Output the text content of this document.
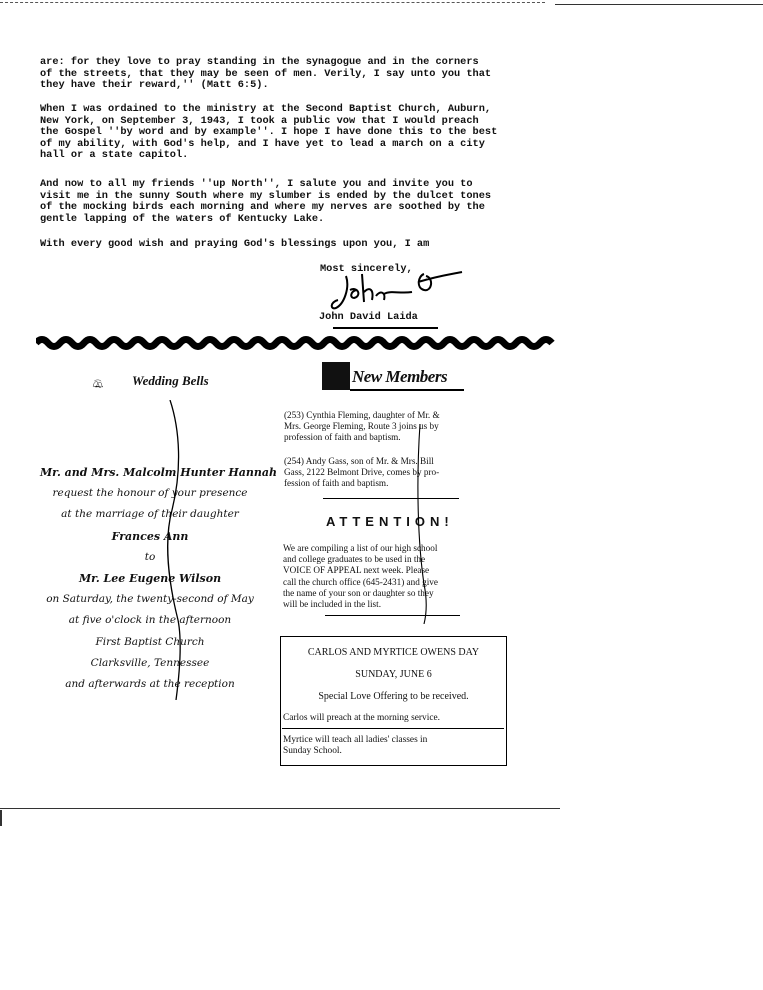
are: for they love to pray standing in the synagogue and in the corners
of the streets, that they may be seen of men. Verily, I say unto you that
they have their reward,'' (Matt 6:5).

When I was ordained to the ministry at the Second Baptist Church, Auburn,
New York, on September 3, 1943, I took a public vow that I would preach
the Gospel ''by word and by example''. I hope I have done this to the best
of my ability, with God's help, and I have yet to lead a march on a city
hall or a state capitol.

And now to all my friends ''up North'', I salute you and invite you to
visit me in the sunny South where my slumber is ended by the dulcet tones
of the mocking birds each morning and where my nerves are soothed by the
gentle lapping of the waters of Kentucky Lake.

With every good wish and praying God's blessings upon you, I am

Most sincerely,
John David Laida
Wedding Bells
Mr. and Mrs. Malcolm Hunter Hannah
request the honour of your presence
at the marriage of their daughter
Frances Ann
to
Mr. Lee Eugene Wilson
on Saturday, the twenty-second of May
at five o'clock in the afternoon
First Baptist Church
Clarksville, Tennessee
and afterwards at the reception
New Members

(253) Cynthia Fleming, daughter of Mr. &
Mrs. George Fleming, Route 3 joins us by
profession of faith and baptism.

(254) Andy Gass, son of Mr. & Mrs. Bill
Gass, 2122 Belmont Drive, comes by pro-
fession of faith and baptism.

ATTENTION!
We are compiling a list of our high school
and college graduates to be used in the
VOICE OF APPEAL next week. Please
call the church office (645-2431) and give
the name of your son or daughter so they
will be included in the list.
CARLOS AND MYRTICE OWENS DAY
SUNDAY, JUNE 6
Special Love Offering to be received.
Carlos will preach at the morning service.
Myrtice will teach all ladies' classes in
Sunday School.
